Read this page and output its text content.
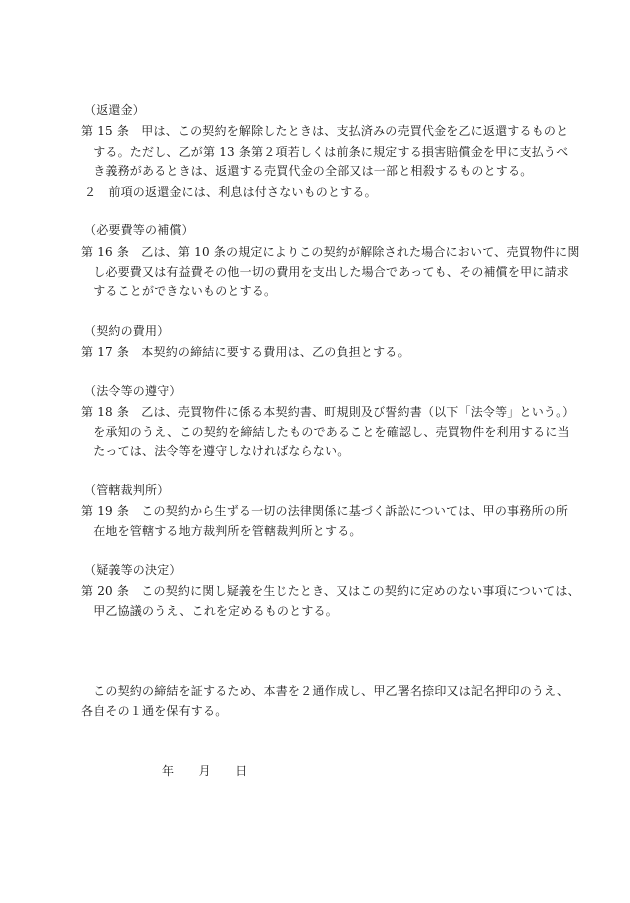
（返還金）
第 15 条　甲は、この契約を解除したときは、支払済みの売買代金を乙に返還するものと
　する。ただし、乙が第 13 条第２項若しくは前条に規定する損害賠償金を甲に支払うべ
　き義務があるときは、返還する売買代金の全部又は一部と相殺するものとする。
２　前項の返還金には、利息は付さないものとする。
（必要費等の補償）
第 16 条　乙は、第 10 条の規定によりこの契約が解除された場合において、売買物件に関
　し必要費又は有益費その他一切の費用を支出した場合であっても、その補償を甲に請求
　することができないものとする。
（契約の費用）
第 17 条　本契約の締結に要する費用は、乙の負担とする。
（法令等の遵守）
第 18 条　乙は、売買物件に係る本契約書、町規則及び誓約書（以下「法令等」という。）
　を承知のうえ、この契約を締結したものであることを確認し、売買物件を利用するに当
　たっては、法令等を遵守しなければならない。
（管轄裁判所）
第 19 条　この契約から生ずる一切の法律関係に基づく訴訟については、甲の事務所の所
　在地を管轄する地方裁判所を管轄裁判所とする。
（疑義等の決定）
第 20 条　この契約に関し疑義を生じたとき、又はこの契約に定めのない事項については、
　甲乙協議のうえ、これを定めるものとする。
　この契約の締結を証するため、本書を２通作成し、甲乙署名捺印又は記名押印のうえ、
各自その１通を保有する。
年　　月　　日
